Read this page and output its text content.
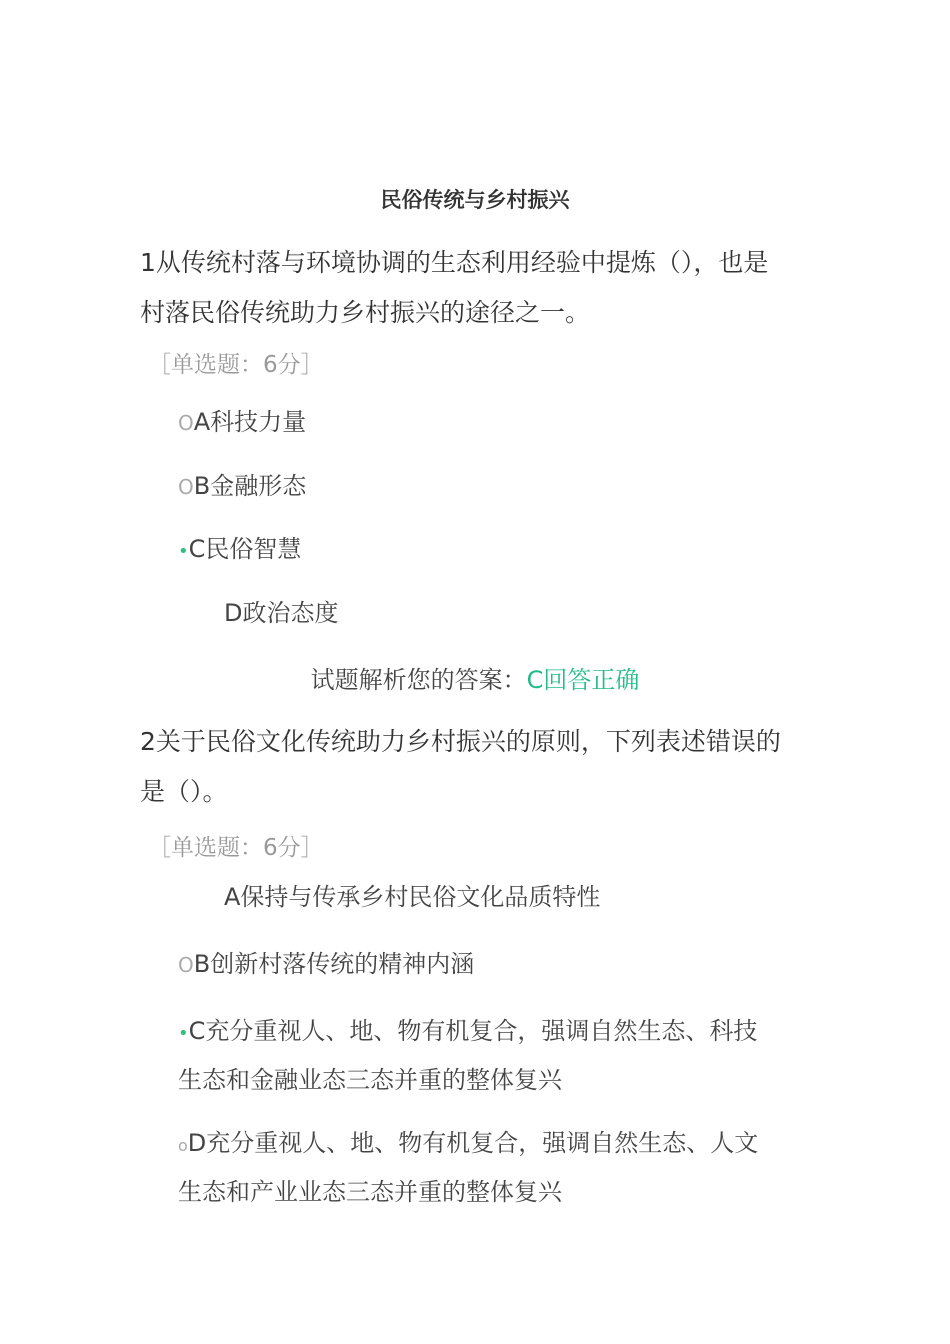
民俗传统与乡村振兴
1从传统村落与环境协调的生态利用经验中提炼（），也是
村落民俗传统助力乡村振兴的途径之一。
［单选题：6分］
OA科技力量
OB金融形态
•C民俗智慧
D政治态度
试题解析您的答案：C回答正确
2关于民俗文化传统助力乡村振兴的原则，下列表述错误的
是（）。
［单选题：6分］
A保持与传承乡村民俗文化品质特性
OB创新村落传统的精神内涵
•C充分重视人、地、物有机复合，强调自然生态、科技
生态和金融业态三态并重的整体复兴
oD充分重视人、地、物有机复合，强调自然生态、人文
生态和产业业态三态并重的整体复兴
